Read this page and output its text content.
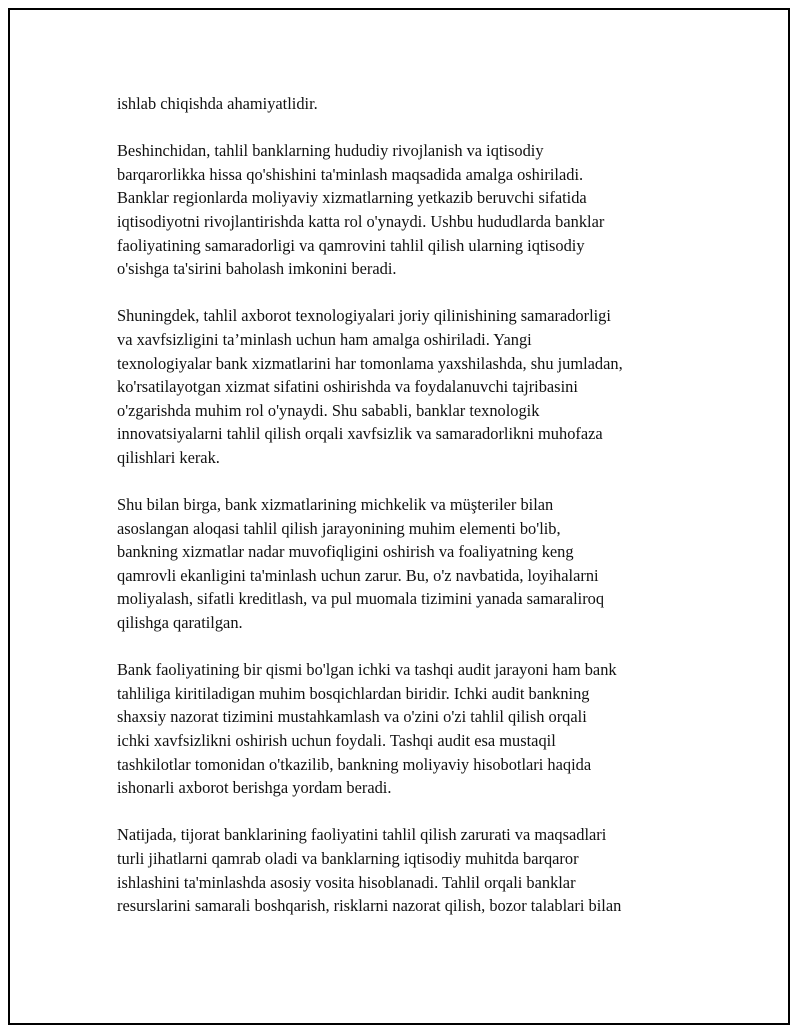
ishlab chiqishda ahamiyatlidir.

Beshinchidan, tahlil banklarning hududiy rivojlanish va iqtisodiy
barqarorlikka hissa qo'shishini ta'minlash maqsadida amalga oshiriladi.
Banklar regionlarda moliyaviy xizmatlarning yetkazib beruvchi sifatida
iqtisodiyotni rivojlantirishda katta rol o'ynaydi. Ushbu hududlarda banklar
faoliyatining samaradorligi va qamrovini tahlil qilish ularning iqtisodiy
o'sishga ta'sirini baholash imkonini beradi.

Shuningdek, tahlil axborot texnologiyalari joriy qilinishining samaradorligi
va xavfsizligini ta’minlash uchun ham amalga oshiriladi. Yangi
texnologiyalar bank xizmatlarini har tomonlama yaxshilashda, shu jumladan,
ko'rsatilayotgan xizmat sifatini oshirishda va foydalanuvchi tajribasini
o'zgarishda muhim rol o'ynaydi. Shu sababli, banklar texnologik
innovatsiyalarni tahlil qilish orqali xavfsizlik va samaradorlikni muhofaza
qilishlari kerak.

Shu bilan birga, bank xizmatlarining michkelik va müşteriler bilan
asoslangan aloqasi tahlil qilish jarayonining muhim elementi bo'lib,
bankning xizmatlar nadar muvofiqligini oshirish va foaliyatning keng
qamrovli ekanligini ta'minlash uchun zarur. Bu, o'z navbatida, loyihalarni
moliyalash, sifatli kreditlash, va pul muomala tizimini yanada samaraliroq
qilishga qaratilgan.

Bank faoliyatining bir qismi bo'lgan ichki va tashqi audit jarayoni ham bank
tahliliga kiritiladigan muhim bosqichlardan biridir. Ichki audit bankning
shaxsiy nazorat tizimini mustahkamlash va o'zini o'zi tahlil qilish orqali
ichki xavfsizlikni oshirish uchun foydali. Tashqi audit esa mustaqil
tashkilotlar tomonidan o'tkazilib, bankning moliyaviy hisobotlari haqida
ishonarli axborot berishga yordam beradi.

Natijada, tijorat banklarining faoliyatini tahlil qilish zarurati va maqsadlari
turli jihatlarni qamrab oladi va banklarning iqtisodiy muhitda barqaror
ishlashini ta'minlashda asosiy vosita hisoblanadi. Tahlil orqali banklar
resurslarini samarali boshqarish, risklarni nazorat qilish, bozor talablari bilan
